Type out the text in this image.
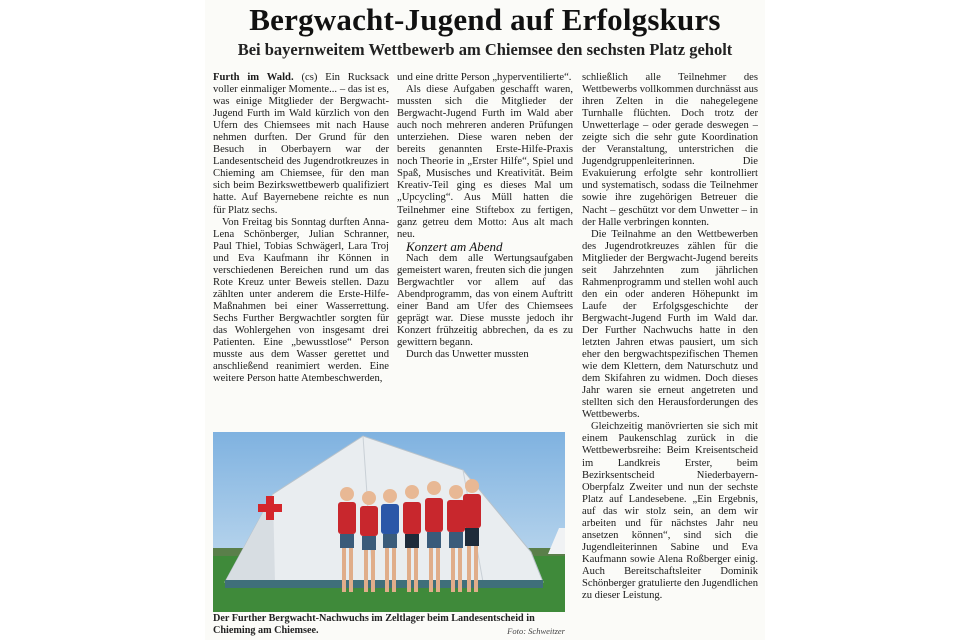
Bergwacht-Jugend auf Erfolgskurs
Bei bayernweitem Wettbewerb am Chiemsee den sechsten Platz geholt

Furth im Wald. (cs) Ein Rucksack voller einmaliger Momente... – das ist es, was einige Mitglieder der Bergwacht-Jugend Furth im Wald kürzlich von den Ufern des Chiemsees mit nach Hause nehmen durften. Der Grund für den Besuch in Oberbayern war der Landesentscheid des Jugendrotkreuzes in Chieming am Chiemsee, für den man sich beim Bezirkswettbewerb qualifiziert hatte. Auf Bayernebene reichte es nun für Platz sechs.

Von Freitag bis Sonntag durften Anna-Lena Schönberger, Julian Schranner, Paul Thiel, Tobias Schwägerl, Lara Troj und Eva Kaufmann ihr Können in verschiedenen Bereichen rund um das Rote Kreuz unter Beweis stellen. Dazu zählten unter anderem die Erste-Hilfe-Maßnahmen bei einer Wasserrettung. Sechs Further Bergwachtler sorgten für das Wohlergehen von insgesamt drei Patienten. Eine „bewusstlose“ Person musste aus dem Wasser gerettet und anschließend reanimiert werden. Eine weitere Person hatte Atembeschwerden,

und eine dritte Person „hyperventilierte“.

Als diese Aufgaben geschafft waren, mussten sich die Mitglieder der Bergwacht-Jugend Furth im Wald aber auch noch mehreren anderen Prüfungen unterziehen. Diese waren neben der bereits genannten Erste-Hilfe-Praxis noch Theorie in „Erster Hilfe“, Spiel und Spaß, Musisches und Kreativität. Beim Kreativ-Teil ging es dieses Mal um „Upcycling“. Aus Müll hatten die Teilnehmer eine Stiftebox zu fertigen, ganz getreu dem Motto: Aus alt mach neu.

Konzert am Abend

Nach dem alle Wertungsaufgaben gemeistert waren, freuten sich die jungen Bergwachtler vor allem auf das Abendprogramm, das von einem Auftritt einer Band am Ufer des Chiemsees geprägt war. Diese musste jedoch ihr Konzert frühzeitig abbrechen, da es zu gewittern begann.

Durch das Unwetter mussten

schließlich alle Teilnehmer des Wettbewerbs vollkommen durchnässt aus ihren Zelten in die nahegelegene Turnhalle flüchten. Doch trotz der Unwetterlage – oder gerade deswegen – zeigte sich die sehr gute Koordination der Veranstaltung, unterstrichen die Jugendgruppenleiterinnen. Die Evakuierung erfolgte sehr kontrolliert und systematisch, sodass die Teilnehmer sowie ihre zugehörigen Betreuer die Nacht – geschützt vor dem Unwetter – in der Halle verbringen konnten.

Die Teilnahme an den Wettbewerben des Jugendrotkreuzes zählen für die Mitglieder der Bergwacht-Jugend bereits seit Jahrzehnten zum jährlichen Rahmenprogramm und stellen wohl auch den ein oder anderen Höhepunkt im Laufe der Erfolgsgeschichte der Bergwacht-Jugend Furth im Wald dar. Der Further Nachwuchs hatte in den letzten Jahren etwas pausiert, um sich eher den bergwachtspezifischen Themen wie dem Klettern, dem Naturschutz und dem Skifahren zu widmen. Doch dieses Jahr waren sie erneut angetreten und stellten sich den Herausforderungen des Wettbewerbs.

Gleichzeitig manövrierten sie sich mit einem Paukenschlag zurück in die Wettbewerbsreihe: Beim Kreisentscheid im Landkreis Erster, beim Bezirksentscheid Niederbayern-Oberpfalz Zweiter und nun der sechste Platz auf Landesebene. „Ein Ergebnis, auf das wir stolz sein, an dem wir arbeiten und für nächstes Jahr neu ansetzen können“, sind sich die Jugendleiterinnen Sabine und Eva Kaufmann sowie Alena Roßberger einig. Auch Bereitschaftsleiter Dominik Schönberger gratulierte den Jugendlichen zu dieser Leistung.

Der Further Bergwacht-Nachwuchs im Zeltlager beim Landesentscheid in Chieming am Chiemsee.	Foto: Schweitzer
